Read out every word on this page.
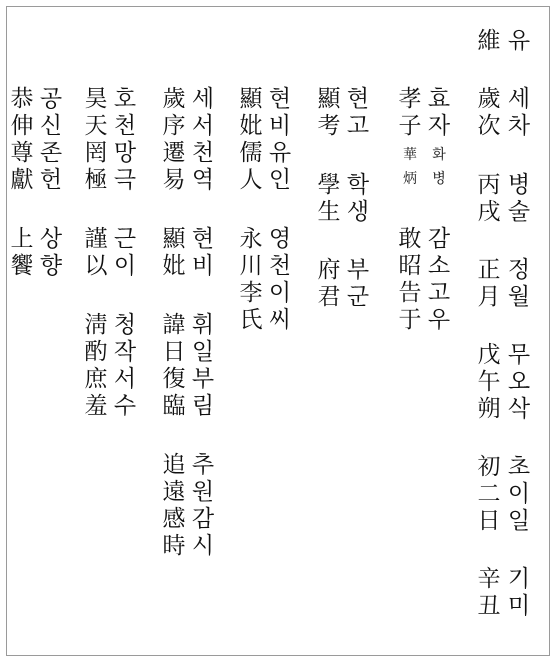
維
歲
次
丙
戌
正
月
戊
午
朔
初
二
日
辛
丑
유
세
차
병
술
정
월
무
오
삭
초
이
일
기
미
孝
子
華
炳
敢
昭
告
于
효
자
화
병
감
소
고
우
顯
考
學
生
府
君
현
고
학
생
부
군
顯
妣
儒
人
永
川
李
氏
현
비
유
인
영
천
이
씨
歲
序
遷
易
顯
妣
諱
日
復
臨
追
遠
感
時
세
서
천
역
현
비
휘
일
부
림
추
원
감
시
昊
天
罔
極
謹
以
淸
酌
庶
羞
호
천
망
극
근
이
청
작
서
수
恭
伸
尊
獻
上
饗
공
신
존
헌
상
향
